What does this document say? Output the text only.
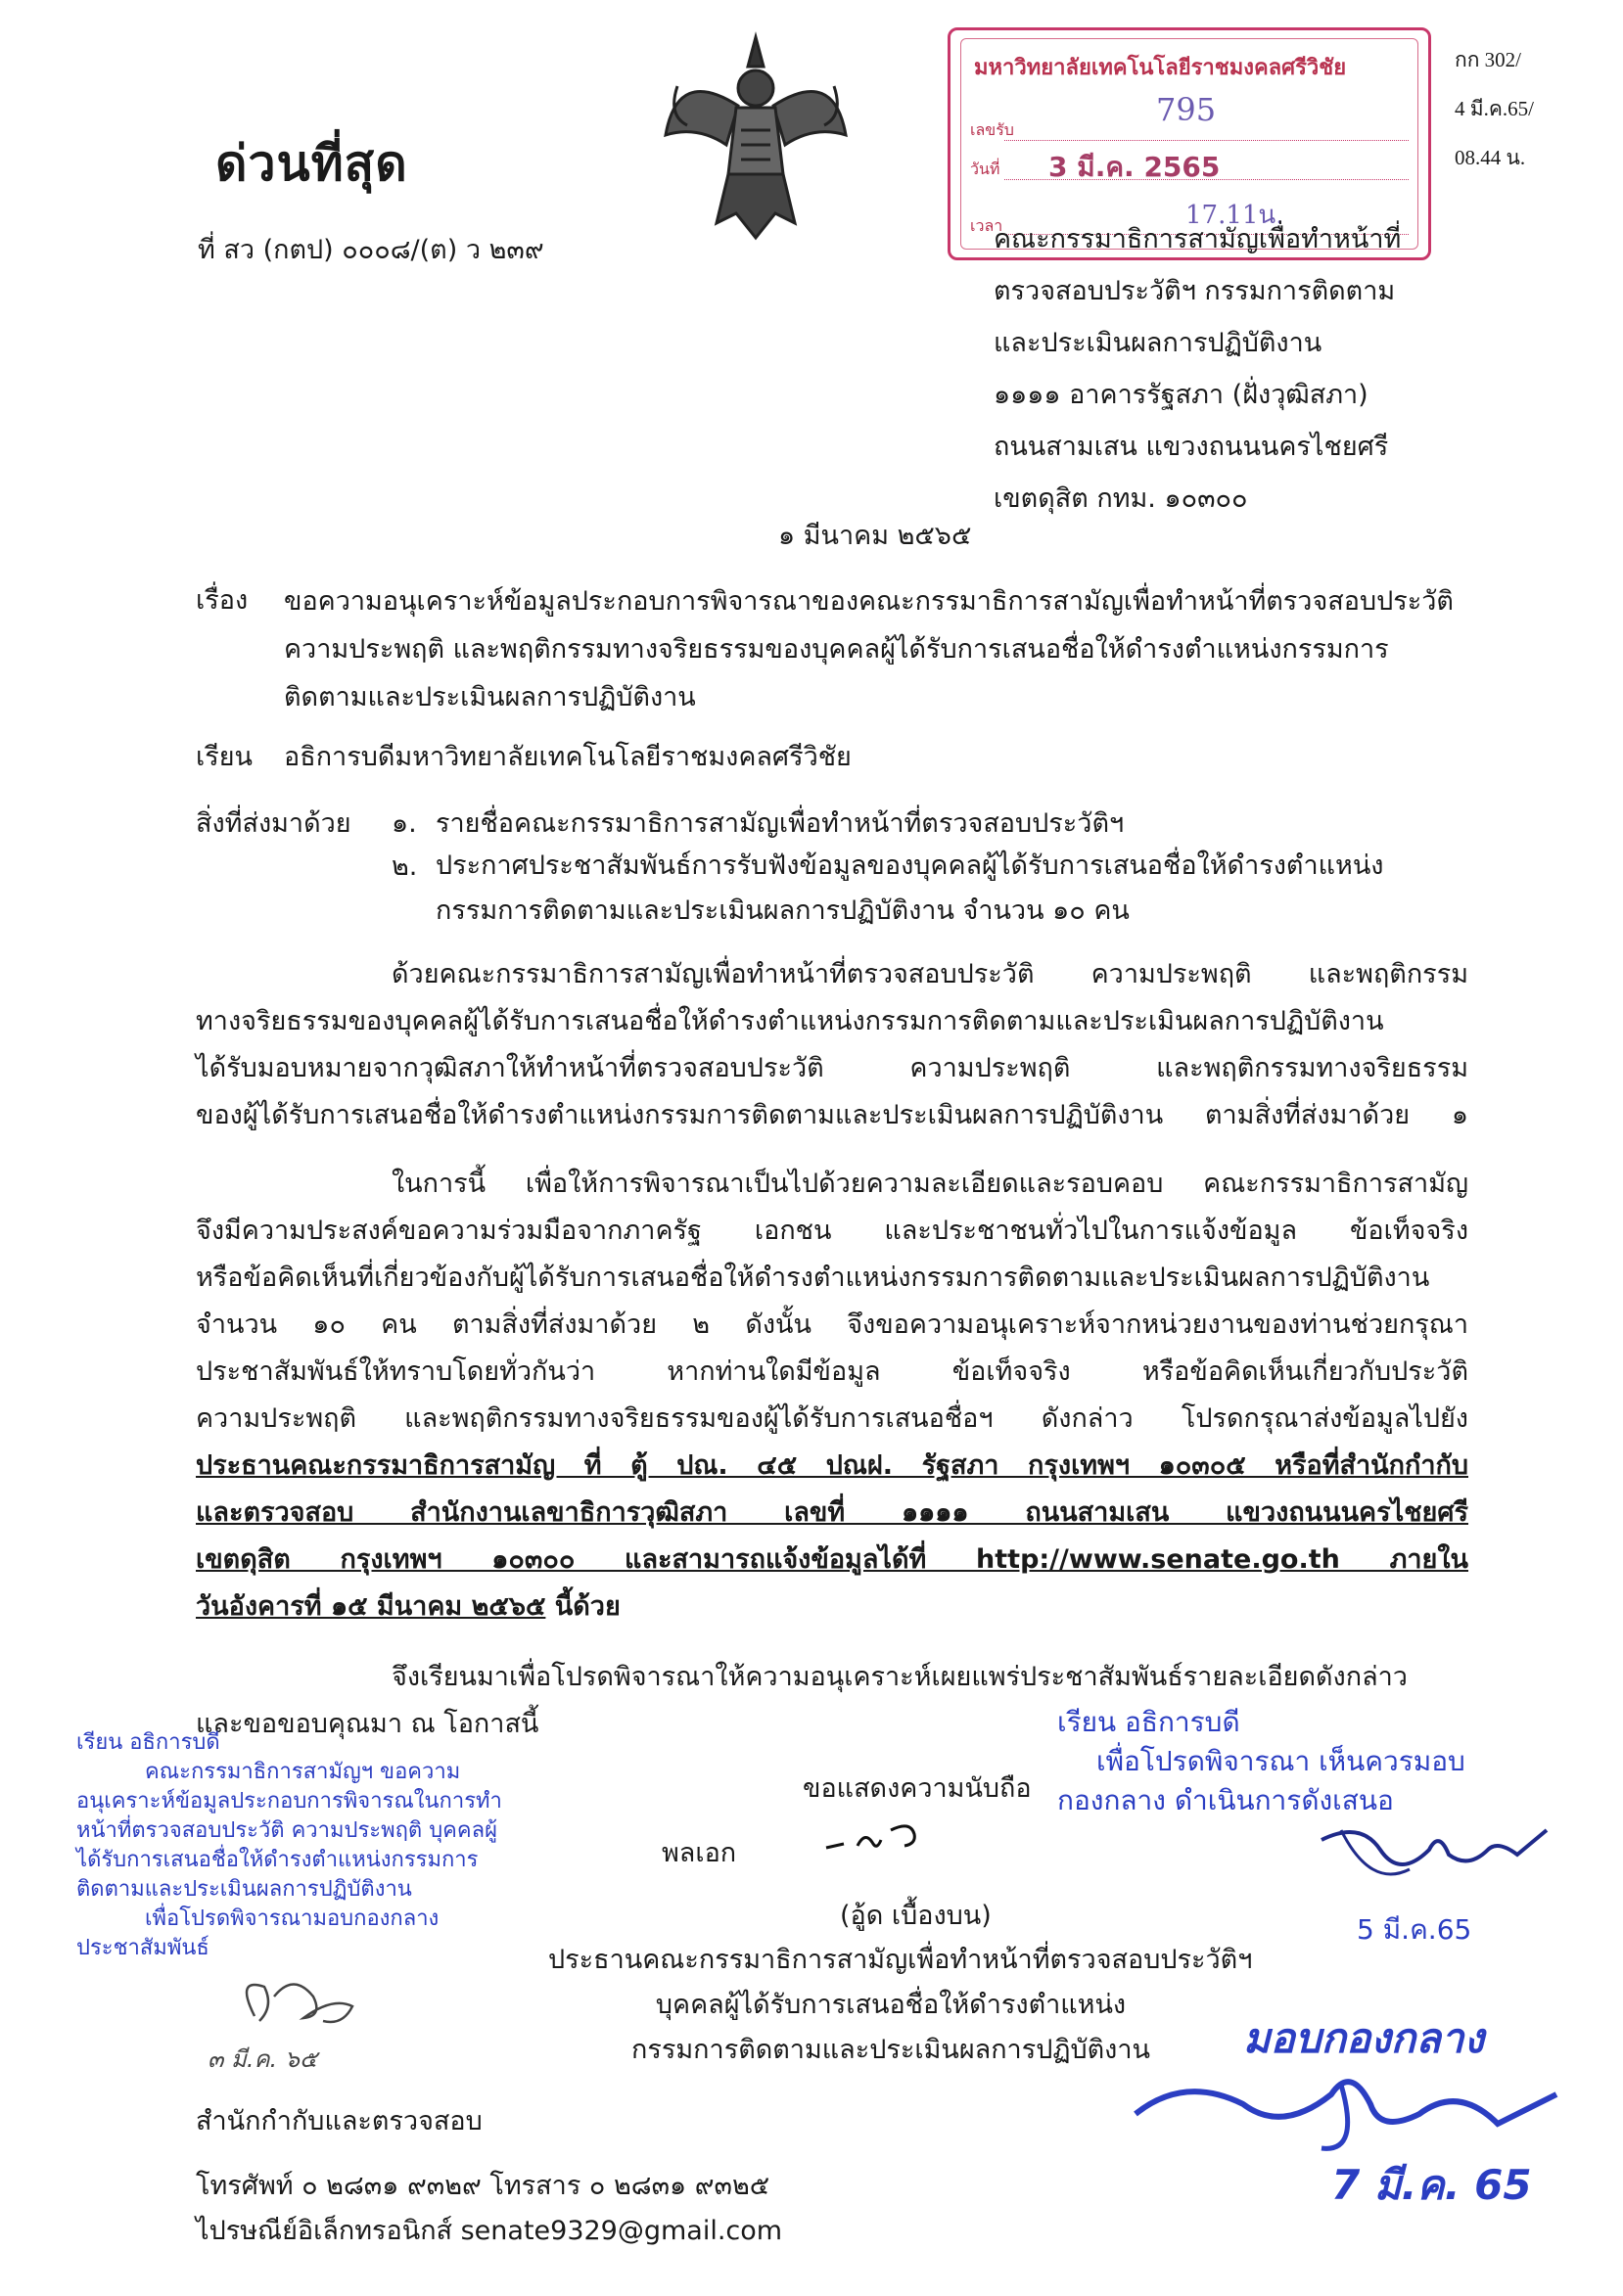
ด่วนที่สุด
ที่ สว (กตป) ๐๐๐๘/(ต) ว ๒๓๙
มหาวิทยาลัยเทคโนโลยีราชมงคลศรีวิชัย
เลขรับ
795
วันที่ 3 มี.ค. 2565
เวลา	17.11น.
กก 302/
4 มี.ค.65/
08.44 น.
คณะกรรมาธิการสามัญเพื่อทำหน้าที่
ตรวจสอบประวัติฯ กรรมการติดตาม
และประเมินผลการปฏิบัติงาน
๑๑๑๑ อาคารรัฐสภา (ฝั่งวุฒิสภา)
ถนนสามเสน แขวงถนนนครไชยศรี
เขตดุสิต กทม. ๑๐๓๐๐
๑ มีนาคม ๒๕๖๕
เรื่อง ขอความอนุเคราะห์ข้อมูลประกอบการพิจารณาของคณะกรรมาธิการสามัญเพื่อทำหน้าที่ตรวจสอบประวัติ
ความประพฤติ และพฤติกรรมทางจริยธรรมของบุคคลผู้ได้รับการเสนอชื่อให้ดำรงตำแหน่งกรรมการ
ติดตามและประเมินผลการปฏิบัติงาน
เรียน อธิการบดีมหาวิทยาลัยเทคโนโลยีราชมงคลศรีวิชัย
สิ่งที่ส่งมาด้วย ๑. รายชื่อคณะกรรมาธิการสามัญเพื่อทำหน้าที่ตรวจสอบประวัติฯ
๒. ประกาศประชาสัมพันธ์การรับฟังข้อมูลของบุคคลผู้ได้รับการเสนอชื่อให้ดำรงตำแหน่ง
กรรมการติดตามและประเมินผลการปฏิบัติงาน จำนวน ๑๐ คน
ด้วยคณะกรรมาธิการสามัญเพื่อทำหน้าที่ตรวจสอบประวัติ ความประพฤติ และพฤติกรรม
ทางจริยธรรมของบุคคลผู้ได้รับการเสนอชื่อให้ดำรงตำแหน่งกรรมการติดตามและประเมินผลการปฏิบัติงาน
ได้รับมอบหมายจากวุฒิสภาให้ทำหน้าที่ตรวจสอบประวัติ ความประพฤติ และพฤติกรรมทางจริยธรรม
ของผู้ได้รับการเสนอชื่อให้ดำรงตำแหน่งกรรมการติดตามและประเมินผลการปฏิบัติงาน ตามสิ่งที่ส่งมาด้วย ๑
ในการนี้ เพื่อให้การพิจารณาเป็นไปด้วยความละเอียดและรอบคอบ คณะกรรมาธิการสามัญ
จึงมีความประสงค์ขอความร่วมมือจากภาครัฐ เอกชน และประชาชนทั่วไปในการแจ้งข้อมูล ข้อเท็จจริง
หรือข้อคิดเห็นที่เกี่ยวข้องกับผู้ได้รับการเสนอชื่อให้ดำรงตำแหน่งกรรมการติดตามและประเมินผลการปฏิบัติงาน
จำนวน ๑๐ คน ตามสิ่งที่ส่งมาด้วย ๒ ดังนั้น จึงขอความอนุเคราะห์จากหน่วยงานของท่านช่วยกรุณา
ประชาสัมพันธ์ให้ทราบโดยทั่วกันว่า หากท่านใดมีข้อมูล ข้อเท็จจริง หรือข้อคิดเห็นเกี่ยวกับประวัติ
ความประพฤติ และพฤติกรรมทางจริยธรรมของผู้ได้รับการเสนอชื่อฯ ดังกล่าว โปรดกรุณาส่งข้อมูลไปยัง
ประธานคณะกรรมาธิการสามัญ ที่ ตู้ ปณ. ๔๕ ปณฝ. รัฐสภา กรุงเทพฯ ๑๐๓๐๕ หรือที่สำนักกำกับ
และตรวจสอบ สำนักงานเลขาธิการวุฒิสภา เลขที่ ๑๑๑๑ ถนนสามเสน แขวงถนนนครไชยศรี
เขตดุสิต กรุงเทพฯ ๑๐๓๐๐ และสามารถแจ้งข้อมูลได้ที่ http://www.senate.go.th ภายใน
วันอังคารที่ ๑๕ มีนาคม ๒๕๖๕ นี้ด้วย
จึงเรียนมาเพื่อโปรดพิจารณาให้ความอนุเคราะห์เผยแพร่ประชาสัมพันธ์รายละเอียดดังกล่าว
และขอขอบคุณมา ณ โอกาสนี้
ขอแสดงความนับถือ
พลเอก
(อู้ด เบื้องบน)
ประธานคณะกรรมาธิการสามัญเพื่อทำหน้าที่ตรวจสอบประวัติฯ
บุคคลผู้ได้รับการเสนอชื่อให้ดำรงตำแหน่ง
กรรมการติดตามและประเมินผลการปฏิบัติงาน
สำนักกำกับและตรวจสอบ
โทรศัพท์ ๐ ๒๘๓๑ ๙๓๒๙ โทรสาร ๐ ๒๘๓๑ ๙๓๒๕
ไปรษณีย์อิเล็กทรอนิกส์ senate9329@gmail.com
เรียน อธิการบดี
คณะกรรมาธิการสามัญฯ ขอความ
อนุเคราะห์ข้อมูลประกอบการพิจารณในการทำ
หน้าที่ตรวจสอบประวัติ ความประพฤติ บุคคลผู้
ได้รับการเสนอชื่อให้ดำรงตำแหน่งกรรมการ
ติดตามและประเมินผลการปฏิบัติงาน
เพื่อโปรดพิจารณามอบกองกลาง
ประชาสัมพันธ์
๓ มี.ค. ๖๕
เรียน อธิการบดี
เพื่อโปรดพิจารณา เห็นควรมอบ
กองกลาง ดำเนินการดังเสนอ
5 มี.ค.65
มอบกองกลาง
7 มี.ค. 65
